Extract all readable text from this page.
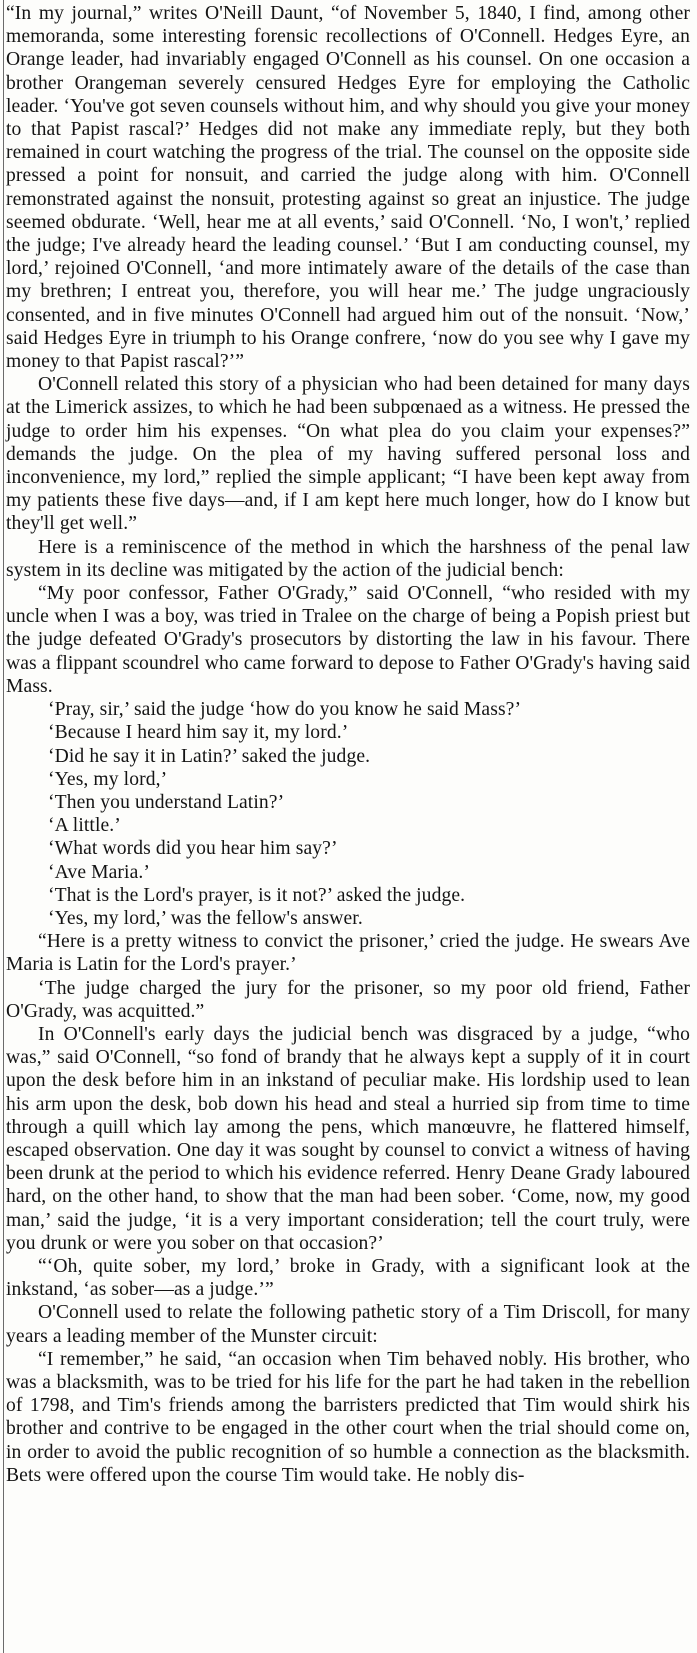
“In my journal,” writes O'Neill Daunt, “of November 5, 1840, I find, among other memoranda, some interesting forensic recollections of O'Connell. Hedges Eyre, an Orange leader, had invariably engaged O'Connell as his counsel. On one occasion a brother Orangeman severely censured Hedges Eyre for employing the Catholic leader. ‘You've got seven counsels without him, and why should you give your money to that Papist rascal?’ Hedges did not make any immediate reply, but they both remained in court watching the progress of the trial. The counsel on the opposite side pressed a point for nonsuit, and carried the judge along with him. O'Connell remonstrated against the nonsuit, protesting against so great an injustice. The judge seemed obdurate. ‘Well, hear me at all events,’ said O'Connell. ‘No, I won't,’ replied the judge; I've already heard the leading counsel.’ ‘But I am conducting counsel, my lord,’ rejoined O'Connell, ‘and more intimately aware of the details of the case than my brethren; I entreat you, therefore, you will hear me.’ The judge ungraciously consented, and in five minutes O'Connell had argued him out of the nonsuit. ‘Now,’ said Hedges Eyre in triumph to his Orange confrere, ‘now do you see why I gave my money to that Papist rascal?’”

O'Connell related this story of a physician who had been detained for many days at the Limerick assizes, to which he had been subpœnaed as a witness. He pressed the judge to order him his expenses. “On what plea do you claim your expenses?” demands the judge. On the plea of my having suffered personal loss and inconvenience, my lord,” replied the simple applicant; “I have been kept away from my patients these five days—and, if I am kept here much longer, how do I know but they'll get well.”

Here is a reminiscence of the method in which the harshness of the penal law system in its decline was mitigated by the action of the judicial bench:

“My poor confessor, Father O'Grady,” said O'Connell, “who resided with my uncle when I was a boy, was tried in Tralee on the charge of being a Popish priest but the judge defeated O'Grady's prosecutors by distorting the law in his favour. There was a flippant scoundrel who came forward to depose to Father O'Grady's having said Mass.

‘Pray, sir,’ said the judge ‘how do you know he said Mass?’

‘Because I heard him say it, my lord.’

‘Did he say it in Latin?’ saked the judge.

‘Yes, my lord,’

‘Then you understand Latin?’

‘A little.’

‘What words did you hear him say?’

‘Ave Maria.’

‘That is the Lord's prayer, is it not?’ asked the judge.

‘Yes, my lord,’ was the fellow's answer.

“Here is a pretty witness to convict the prisoner,’ cried the judge. He swears Ave Maria is Latin for the Lord's prayer.’

‘The judge charged the jury for the prisoner, so my poor old friend, Father O'Grady, was acquitted.”

In O'Connell's early days the judicial bench was disgraced by a judge, “who was,” said O'Connell, “so fond of brandy that he always kept a supply of it in court upon the desk before him in an inkstand of peculiar make. His lordship used to lean his arm upon the desk, bob down his head and steal a hurried sip from time to time through a quill which lay among the pens, which manœuvre, he flattered himself, escaped observation. One day it was sought by counsel to convict a witness of having been drunk at the period to which his evidence referred. Henry Deane Grady laboured hard, on the other hand, to show that the man had been sober. ‘Come, now, my good man,’ said the judge, ‘it is a very important consideration; tell the court truly, were you drunk or were you sober on that occasion?’

“‘Oh, quite sober, my lord,’ broke in Grady, with a significant look at the inkstand, ‘as sober—as a judge.’”

O'Connell used to relate the following pathetic story of a Tim Driscoll, for many years a leading member of the Munster circuit:

“I remember,” he said, “an occasion when Tim behaved nobly. His brother, who was a blacksmith, was to be tried for his life for the part he had taken in the rebellion of 1798, and Tim's friends among the barristers predicted that Tim would shirk his brother and contrive to be engaged in the other court when the trial should come on, in order to avoid the public recognition of so humble a connection as the blacksmith. Bets were offered upon the course Tim would take. He nobly dis-
